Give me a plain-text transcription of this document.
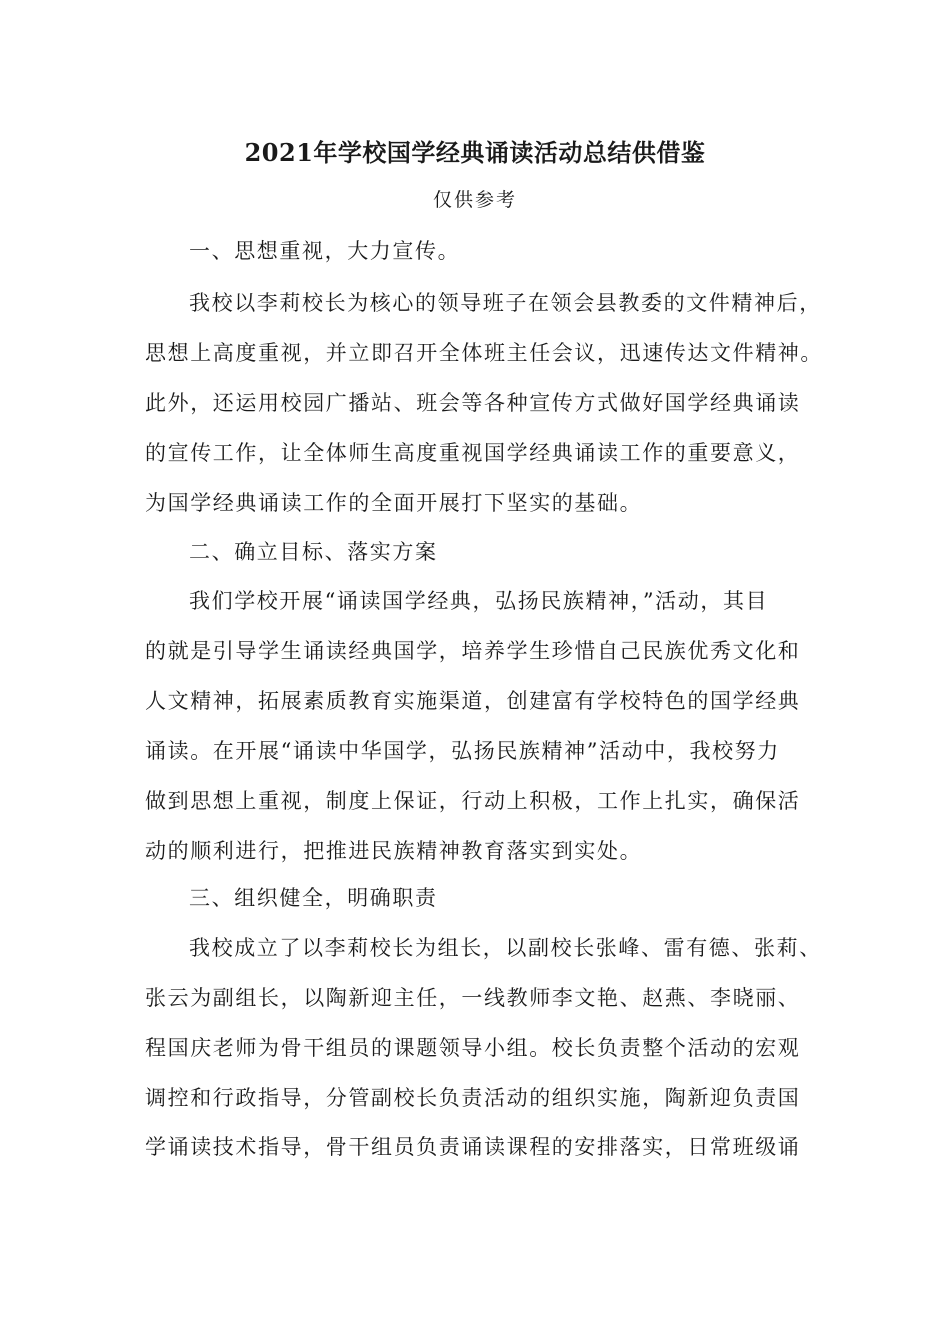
2021年学校国学经典诵读活动总结供借鉴
仅供参考
一、思想重视，大力宣传。
我校以李莉校长为核心的领导班子在领会县教委的文件精神后，
思想上高度重视，并立即召开全体班主任会议，迅速传达文件精神。
此外，还运用校园广播站、班会等各种宣传方式做好国学经典诵读
的宣传工作，让全体师生高度重视国学经典诵读工作的重要意义，
为国学经典诵读工作的全面开展打下坚实的基础。
二、确立目标、落实方案
我们学校开展“诵读国学经典，弘扬民族精神，”活动，其目
的就是引导学生诵读经典国学，培养学生珍惜自己民族优秀文化和
人文精神，拓展素质教育实施渠道，创建富有学校特色的国学经典
诵读。在开展“诵读中华国学，弘扬民族精神”活动中，我校努力
做到思想上重视，制度上保证，行动上积极，工作上扎实，确保活
动的顺利进行，把推进民族精神教育落实到实处。
三、组织健全，明确职责
我校成立了以李莉校长为组长，以副校长张峰、雷有德、张莉、
张云为副组长，以陶新迎主任，一线教师李文艳、赵燕、李晓丽、
程国庆老师为骨干组员的课题领导小组。校长负责整个活动的宏观
调控和行政指导，分管副校长负责活动的组织实施，陶新迎负责国
学诵读技术指导，骨干组员负责诵读课程的安排落实，日常班级诵
